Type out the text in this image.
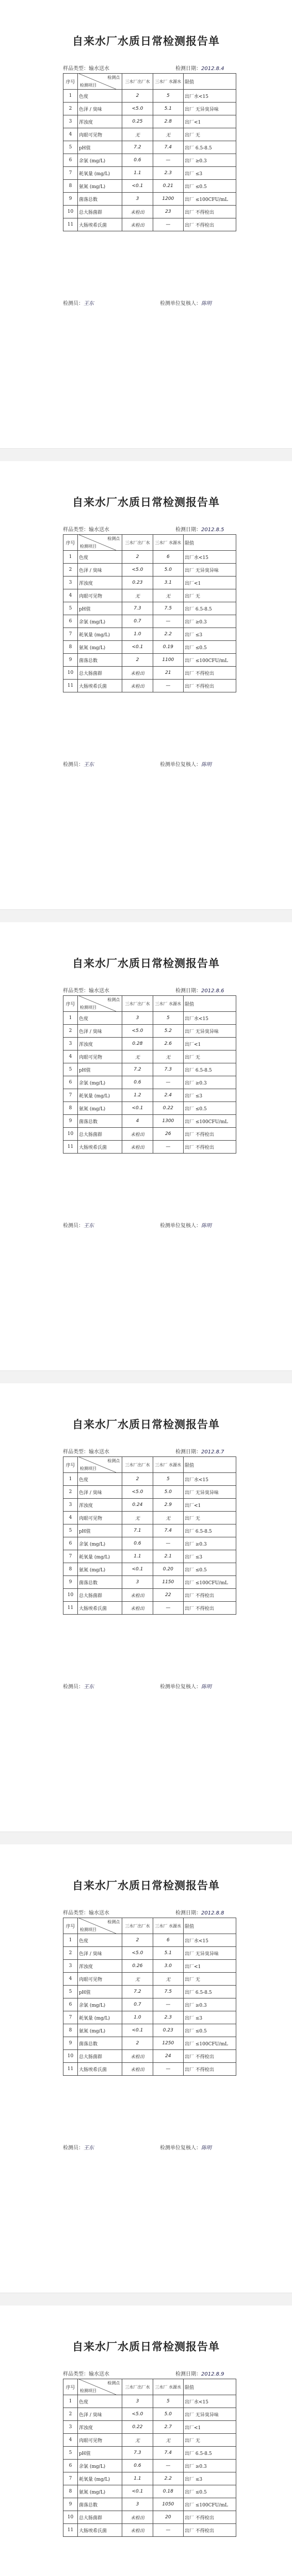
自来水厂水质日常检测报告单
样品类型：输水送水	检测日期：2012.8.4
序号	检测点
检测项目	三水厂出厂水	三水厂 水源水	限值
1	色度	2	5	出厂水<15
2	色泽 / 臭味	<5.0	5.1	出厂 无异臭异味
3	浑浊度	0.25	2.8	出厂<1
4	肉眼可见物	无	无	出厂 无
5	pH值	7.2	7.4	出厂 6.5-8.5
6	余氯 (mg/L)	0.6	—	出厂 ≥0.3
7	耗氧量 (mg/L)	1.1	2.3	出厂 ≤3
8	氨氮 (mg/L)	<0.1	0.21	出厂 ≤0.5
9	菌落总数	3	1200	出厂 ≤100CFU/mL
10	总大肠菌群	未检出	23	出厂 不得检出
11	大肠埃希氏菌	未检出	—	出厂 不得检出
检测员：王东	检测单位复核人：陈明
自来水厂水质日常检测报告单
样品类型：输水送水	检测日期：2012.8.5
序号	检测点
检测项目	三水厂出厂水	三水厂 水源水	限值
1	色度	2	6	出厂水<15
2	色泽 / 臭味	<5.0	5.0	出厂 无异臭异味
3	浑浊度	0.23	3.1	出厂<1
4	肉眼可见物	无	无	出厂 无
5	pH值	7.3	7.5	出厂 6.5-8.5
6	余氯 (mg/L)	0.7	—	出厂 ≥0.3
7	耗氧量 (mg/L)	1.0	2.2	出厂 ≤3
8	氨氮 (mg/L)	<0.1	0.19	出厂 ≤0.5
9	菌落总数	2	1100	出厂 ≤100CFU/mL
10	总大肠菌群	未检出	21	出厂 不得检出
11	大肠埃希氏菌	未检出	—	出厂 不得检出
检测员：王东	检测单位复核人：陈明
自来水厂水质日常检测报告单
样品类型：输水送水	检测日期：2012.8.6
序号	检测点
检测项目	三水厂出厂水	三水厂 水源水	限值
1	色度	3	5	出厂水<15
2	色泽 / 臭味	<5.0	5.2	出厂 无异臭异味
3	浑浊度	0.28	2.6	出厂<1
4	肉眼可见物	无	无	出厂 无
5	pH值	7.2	7.3	出厂 6.5-8.5
6	余氯 (mg/L)	0.6	—	出厂 ≥0.3
7	耗氧量 (mg/L)	1.2	2.4	出厂 ≤3
8	氨氮 (mg/L)	<0.1	0.22	出厂 ≤0.5
9	菌落总数	4	1300	出厂 ≤100CFU/mL
10	总大肠菌群	未检出	26	出厂 不得检出
11	大肠埃希氏菌	未检出	—	出厂 不得检出
检测员：王东	检测单位复核人：陈明
自来水厂水质日常检测报告单
样品类型：输水送水	检测日期：2012.8.7
序号	检测点
检测项目	三水厂出厂水	三水厂 水源水	限值
1	色度	2	5	出厂水<15
2	色泽 / 臭味	<5.0	5.0	出厂 无异臭异味
3	浑浊度	0.24	2.9	出厂<1
4	肉眼可见物	无	无	出厂 无
5	pH值	7.1	7.4	出厂 6.5-8.5
6	余氯 (mg/L)	0.6	—	出厂 ≥0.3
7	耗氧量 (mg/L)	1.1	2.1	出厂 ≤3
8	氨氮 (mg/L)	<0.1	0.20	出厂 ≤0.5
9	菌落总数	3	1150	出厂 ≤100CFU/mL
10	总大肠菌群	未检出	22	出厂 不得检出
11	大肠埃希氏菌	未检出	—	出厂 不得检出
检测员：王东	检测单位复核人：陈明
自来水厂水质日常检测报告单
样品类型：输水送水	检测日期：2012.8.8
序号	检测点
检测项目	三水厂出厂水	三水厂 水源水	限值
1	色度	2	6	出厂水<15
2	色泽 / 臭味	<5.0	5.1	出厂 无异臭异味
3	浑浊度	0.26	3.0	出厂<1
4	肉眼可见物	无	无	出厂 无
5	pH值	7.2	7.5	出厂 6.5-8.5
6	余氯 (mg/L)	0.7	—	出厂 ≥0.3
7	耗氧量 (mg/L)	1.0	2.3	出厂 ≤3
8	氨氮 (mg/L)	<0.1	0.23	出厂 ≤0.5
9	菌落总数	2	1250	出厂 ≤100CFU/mL
10	总大肠菌群	未检出	24	出厂 不得检出
11	大肠埃希氏菌	未检出	—	出厂 不得检出
检测员：王东	检测单位复核人：陈明
自来水厂水质日常检测报告单
样品类型：输水送水	检测日期：2012.8.9
序号	检测点
检测项目	三水厂出厂水	三水厂 水源水	限值
1	色度	3	5	出厂水<15
2	色泽 / 臭味	<5.0	5.0	出厂 无异臭异味
3	浑浊度	0.22	2.7	出厂<1
4	肉眼可见物	无	无	出厂 无
5	pH值	7.3	7.4	出厂 6.5-8.5
6	余氯 (mg/L)	0.6	—	出厂 ≥0.3
7	耗氧量 (mg/L)	1.1	2.2	出厂 ≤3
8	氨氮 (mg/L)	<0.1	0.18	出厂 ≤0.5
9	菌落总数	3	1050	出厂 ≤100CFU/mL
10	总大肠菌群	未检出	20	出厂 不得检出
11	大肠埃希氏菌	未检出	—	出厂 不得检出
